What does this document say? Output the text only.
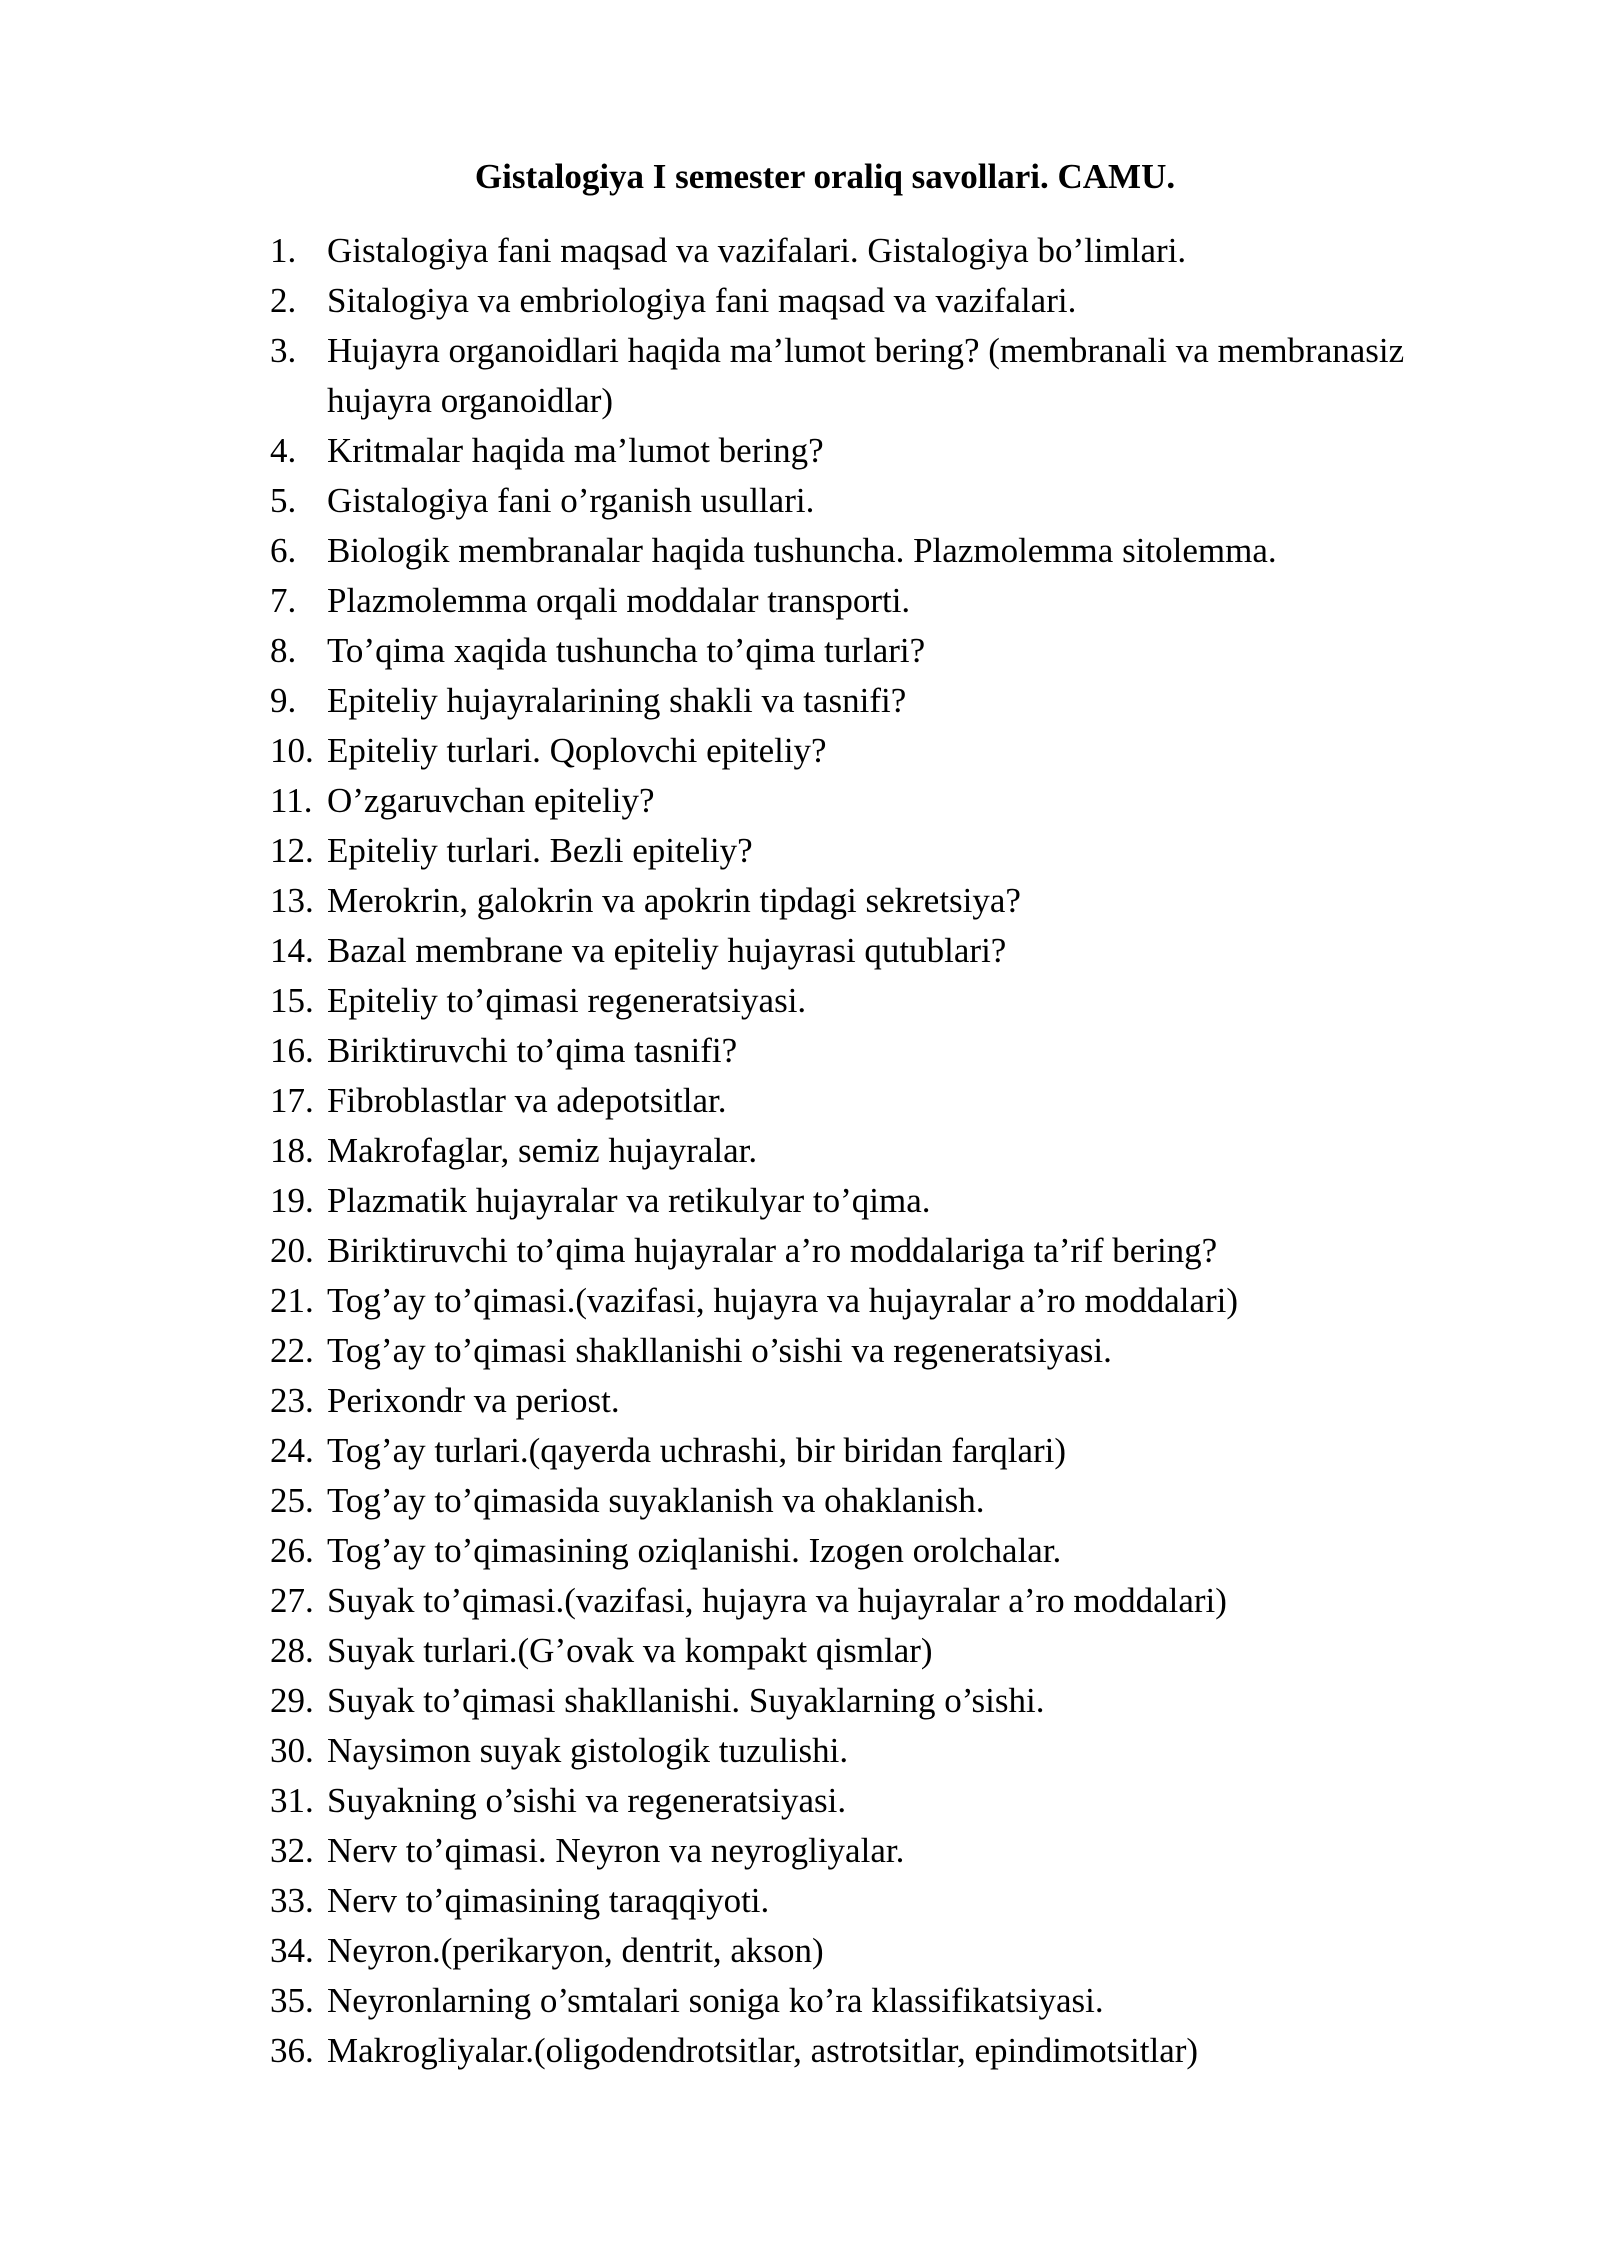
Gistalogiya I semester oraliq savollari. CAMU.
1. Gistalogiya fani maqsad va vazifalari. Gistalogiya bo’limlari.
2. Sitalogiya va embriologiya fani maqsad va vazifalari.
3. Hujayra organoidlari haqida ma’lumot bering? (membranali va membranasiz hujayra organoidlar)
4. Kritmalar haqida ma’lumot bering?
5. Gistalogiya fani o’rganish usullari.
6. Biologik membranalar haqida tushuncha. Plazmolemma sitolemma.
7. Plazmolemma orqali moddalar transporti.
8. To’qima xaqida tushuncha to’qima turlari?
9. Epiteliy hujayralarining shakli va tasnifi?
10. Epiteliy turlari. Qoplovchi epiteliy?
11. O’zgaruvchan epiteliy?
12. Epiteliy turlari. Bezli epiteliy?
13. Merokrin, galokrin va apokrin tipdagi sekretsiya?
14. Bazal membrane va epiteliy hujayrasi qutublari?
15. Epiteliy to’qimasi regeneratsiyasi.
16. Biriktiruvchi to’qima tasnifi?
17. Fibroblastlar va adepotsitlar.
18. Makrofaglar, semiz hujayralar.
19. Plazmatik hujayralar va retikulyar to’qima.
20. Biriktiruvchi to’qima hujayralar a’ro moddalariga ta’rif bering?
21. Tog’ay to’qimasi.(vazifasi, hujayra va hujayralar a’ro moddalari)
22. Tog’ay to’qimasi shakllanishi o’sishi va regeneratsiyasi.
23. Perixondr va periost.
24. Tog’ay turlari.(qayerda uchrashi, bir biridan farqlari)
25. Tog’ay to’qimasida suyaklanish va ohaklanish.
26. Tog’ay to’qimasining oziqlanishi. Izogen orolchalar.
27. Suyak to’qimasi.(vazifasi, hujayra va hujayralar a’ro moddalari)
28. Suyak turlari.(G’ovak va kompakt qismlar)
29. Suyak to’qimasi shakllanishi. Suyaklarning o’sishi.
30. Naysimon suyak gistologik tuzulishi.
31. Suyakning o’sishi va regeneratsiyasi.
32. Nerv to’qimasi. Neyron va neyrogliyalar.
33. Nerv to’qimasining taraqqiyoti.
34. Neyron.(perikaryon, dentrit, akson)
35. Neyronlarning o’smtalari soniga ko’ra klassifikatsiyasi.
36. Makrogliyalar.(oligodendrotsitlar, astrotsitlar, epindimotsitlar)
